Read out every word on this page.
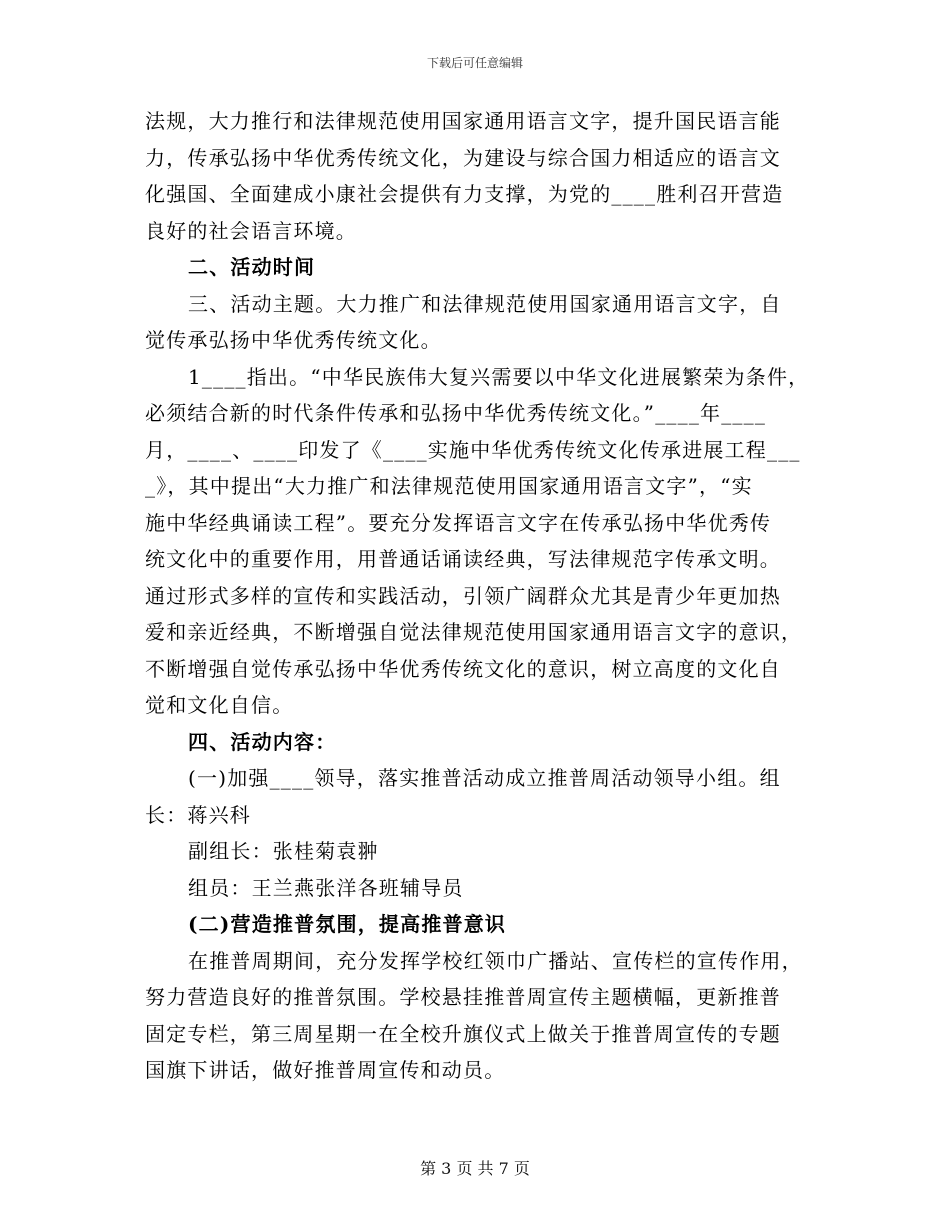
下载后可任意编辑

法规，大力推行和法律规范使用国家通用语言文字，提升国民语言能

力，传承弘扬中华优秀传统文化，为建设与综合国力相适应的语言文

化强国、全面建成小康社会提供有力支撑，为党的____胜利召开营造

良好的社会语言环境。

二、活动时间

三、活动主题。大力推广和法律规范使用国家通用语言文字，自

觉传承弘扬中华优秀传统文化。

1____指出。“中华民族伟大复兴需要以中华文化进展繁荣为条件，

必须结合新的时代条件传承和弘扬中华优秀传统文化。”____年____

月，____、____印发了《____实施中华优秀传统文化传承进展工程___

_》，其中提出“大力推广和法律规范使用国家通用语言文字”，“实

施中华经典诵读工程”。要充分发挥语言文字在传承弘扬中华优秀传

统文化中的重要作用，用普通话诵读经典，写法律规范字传承文明。

通过形式多样的宣传和实践活动，引领广阔群众尤其是青少年更加热

爱和亲近经典，不断增强自觉法律规范使用国家通用语言文字的意识，

不断增强自觉传承弘扬中华优秀传统文化的意识，树立高度的文化自

觉和文化自信。

四、活动内容：

(一)加强____领导，落实推普活动成立推普周活动领导小组。组

长：蒋兴科

副组长：张桂菊袁翀

组员：王兰燕张洋各班辅导员

(二)营造推普氛围，提高推普意识

在推普周期间，充分发挥学校红领巾广播站、宣传栏的宣传作用，

努力营造良好的推普氛围。学校悬挂推普周宣传主题横幅，更新推普

固定专栏，第三周星期一在全校升旗仪式上做关于推普周宣传的专题

国旗下讲话，做好推普周宣传和动员。

第 3 页 共 7 页
